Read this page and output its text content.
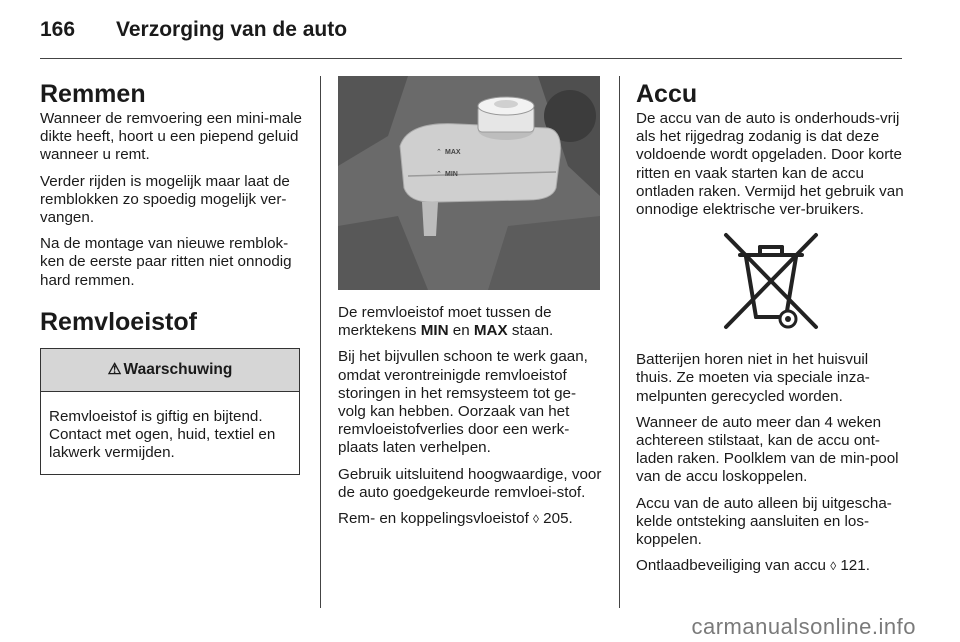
166 Verzorging van de auto
Remmen

Wanneer de remvoering een mini-male dikte heeft, hoort u een piepend geluid wanneer u remt.

Verder rijden is mogelijk maar laat de remblokken zo spoedig mogelijk ver-vangen.

Na de montage van nieuwe remblok-ken de eerste paar ritten niet onnodig hard remmen.

Remvloeistof
⚠ Waarschuwing
Remvloeistof is giftig en bijtend. Contact met ogen, huid, textiel en lakwerk vermijden.
⌃ MAX
⌃ MIN

De remvloeistof moet tussen de merktekens MIN en MAX staan.

Bij het bijvullen schoon te werk gaan, omdat verontreinigde remvloeistof storingen in het remsysteem tot ge-volg kan hebben. Oorzaak van het remvloeistofverlies door een werk-plaats laten verhelpen.

Gebruik uitsluitend hoogwaardige, voor de auto goedgekeurde remvloei-stof.

Rem- en koppelingsvloeistof ◊ 205.

Accu

De accu van de auto is onderhouds-vrij als het rijgedrag zodanig is dat deze voldoende wordt opgeladen. Door korte ritten en vaak starten kan de accu ontladen raken. Vermijd het gebruik van onnodige elektrische ver-bruikers.

Batterijen horen niet in het huisvuil thuis. Ze moeten via speciale inza-melpunten gerecycled worden.

Wanneer de auto meer dan 4 weken achtereen stilstaat, kan de accu ont-laden raken. Poolklem van de min-pool van de accu loskoppelen.

Accu van de auto alleen bij uitgescha-kelde ontsteking aansluiten en los-koppelen.

Ontlaadbeveiliging van accu ◊ 121.

carmanualsonline.info
